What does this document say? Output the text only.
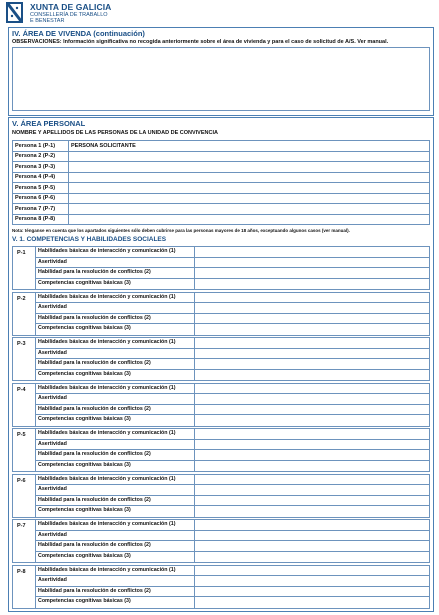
XUNTA DE GALICIA
CONSELLERÍA DE TRABALLO
E BENESTAR
IV. ÁREA DE VIVENDA (continuación)
OBSERVACIONES: Información significativa no recogida anteriormente sobre el área de vivienda y para el caso de solicitud de A/S. Ver manual.
V. ÁREA PERSONAL
NOMBRE Y APELLIDOS DE LAS PERSONAS DE LA UNIDAD DE CONVIVENCIA
Persona 1 (P-1)	PERSONA SOLICITANTE
Persona 2 (P-2)	
Persona 3 (P-3)	
Persona 4 (P-4)	
Persona 5 (P-5)	
Persona 6 (P-6)	
Persona 7 (P-7)	
Persona 8 (P-8)	
Nota: ténganse en cuenta que los apartados siguientes sólo deben cubrirse para las personas mayores de 18 años, exceptuando algunos casos (ver manual).
V. 1. COMPETENCIAS Y HABILIDADES SOCIALES
P-1	Habilidades básicas de interacción y comunicación (1)
Asertividad
Habilidad para la resolución de conflictos (2)
Competencias cognitivas básicas (3)
P-2	Habilidades básicas de interacción y comunicación (1)
Asertividad
Habilidad para la resolución de conflictos (2)
Competencias cognitivas básicas (3)
P-3	Habilidades básicas de interacción y comunicación (1)
Asertividad
Habilidad para la resolución de conflictos (2)
Competencias cognitivas básicas (3)
P-4	Habilidades básicas de interacción y comunicación (1)
Asertividad
Habilidad para la resolución de conflictos (2)
Competencias cognitivas básicas (3)
P-5	Habilidades básicas de interacción y comunicación (1)
Asertividad
Habilidad para la resolución de conflictos (2)
Competencias cognitivas básicas (3)
P-6	Habilidades básicas de interacción y comunicación (1)
Asertividad
Habilidad para la resolución de conflictos (2)
Competencias cognitivas básicas (3)
P-7	Habilidades básicas de interacción y comunicación (1)
Asertividad
Habilidad para la resolución de conflictos (2)
Competencias cognitivas básicas (3)
P-8	Habilidades básicas de interacción y comunicación (1)
Asertividad
Habilidad para la resolución de conflictos (2)
Competencias cognitivas básicas (3)
